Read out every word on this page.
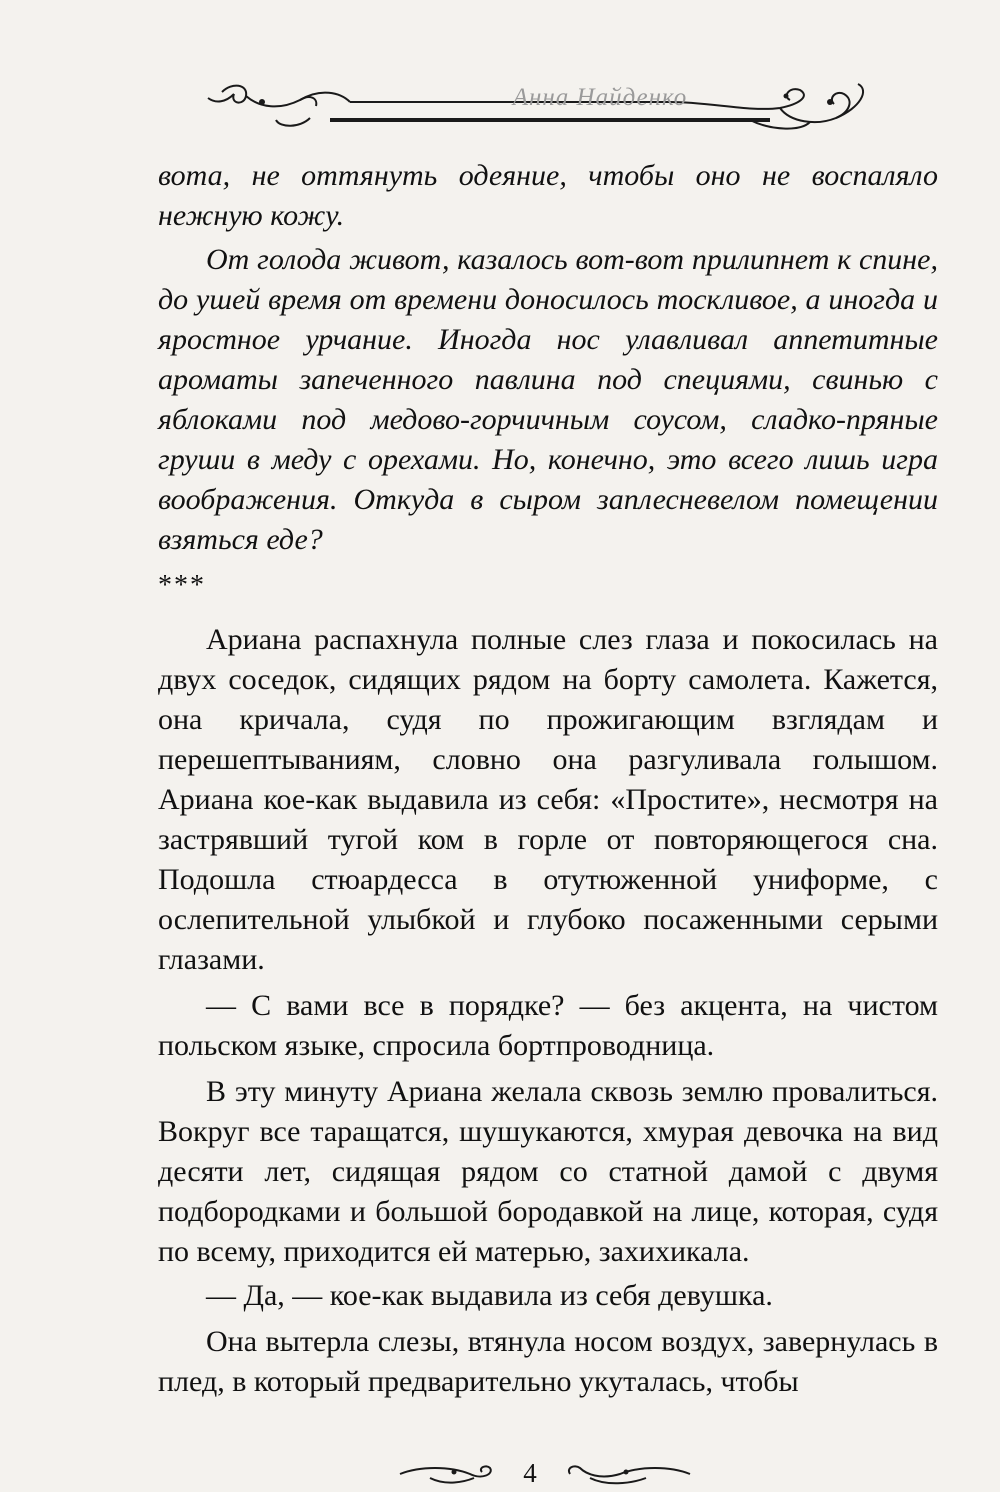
Анна Найденко

вота, не оттянуть одеяние, чтобы оно не воспаляло нежную кожу.

От голода живот, казалось вот-вот прилипнет к спине, до ушей время от времени доносилось тоскливое, а иногда и яростное урчание. Иногда нос улавливал аппетитные ароматы запеченного павлина под специями, свинью с яблоками под медово-горчичным соусом, сладко-пряные груши в меду с орехами. Но, конечно, это всего лишь игра воображения. Откуда в сыром заплесневелом помещении взяться еде?

***

Ариана распахнула полные слез глаза и покосилась на двух соседок, сидящих рядом на борту самолета. Кажется, она кричала, судя по прожигающим взглядам и перешептываниям, словно она разгуливала голышом. Ариана кое-как выдавила из себя: «Простите», несмотря на застрявший тугой ком в горле от повторяющегося сна. Подошла стюардесса в отутюженной униформе, с ослепительной улыбкой и глубоко посаженными серыми глазами.

— С вами все в порядке? — без акцента, на чистом польском языке, спросила бортпроводница.

В эту минуту Ариана желала сквозь землю провалиться. Вокруг все таращатся, шушукаются, хмурая девочка на вид десяти лет, сидящая рядом со статной дамой с двумя подбородками и большой бородавкой на лице, которая, судя по всему, приходится ей матерью, захихикала.

— Да, — кое-как выдавила из себя девушка.

Она вытерла слезы, втянула носом воздух, завернулась в плед, в который предварительно укуталась, чтобы

4
